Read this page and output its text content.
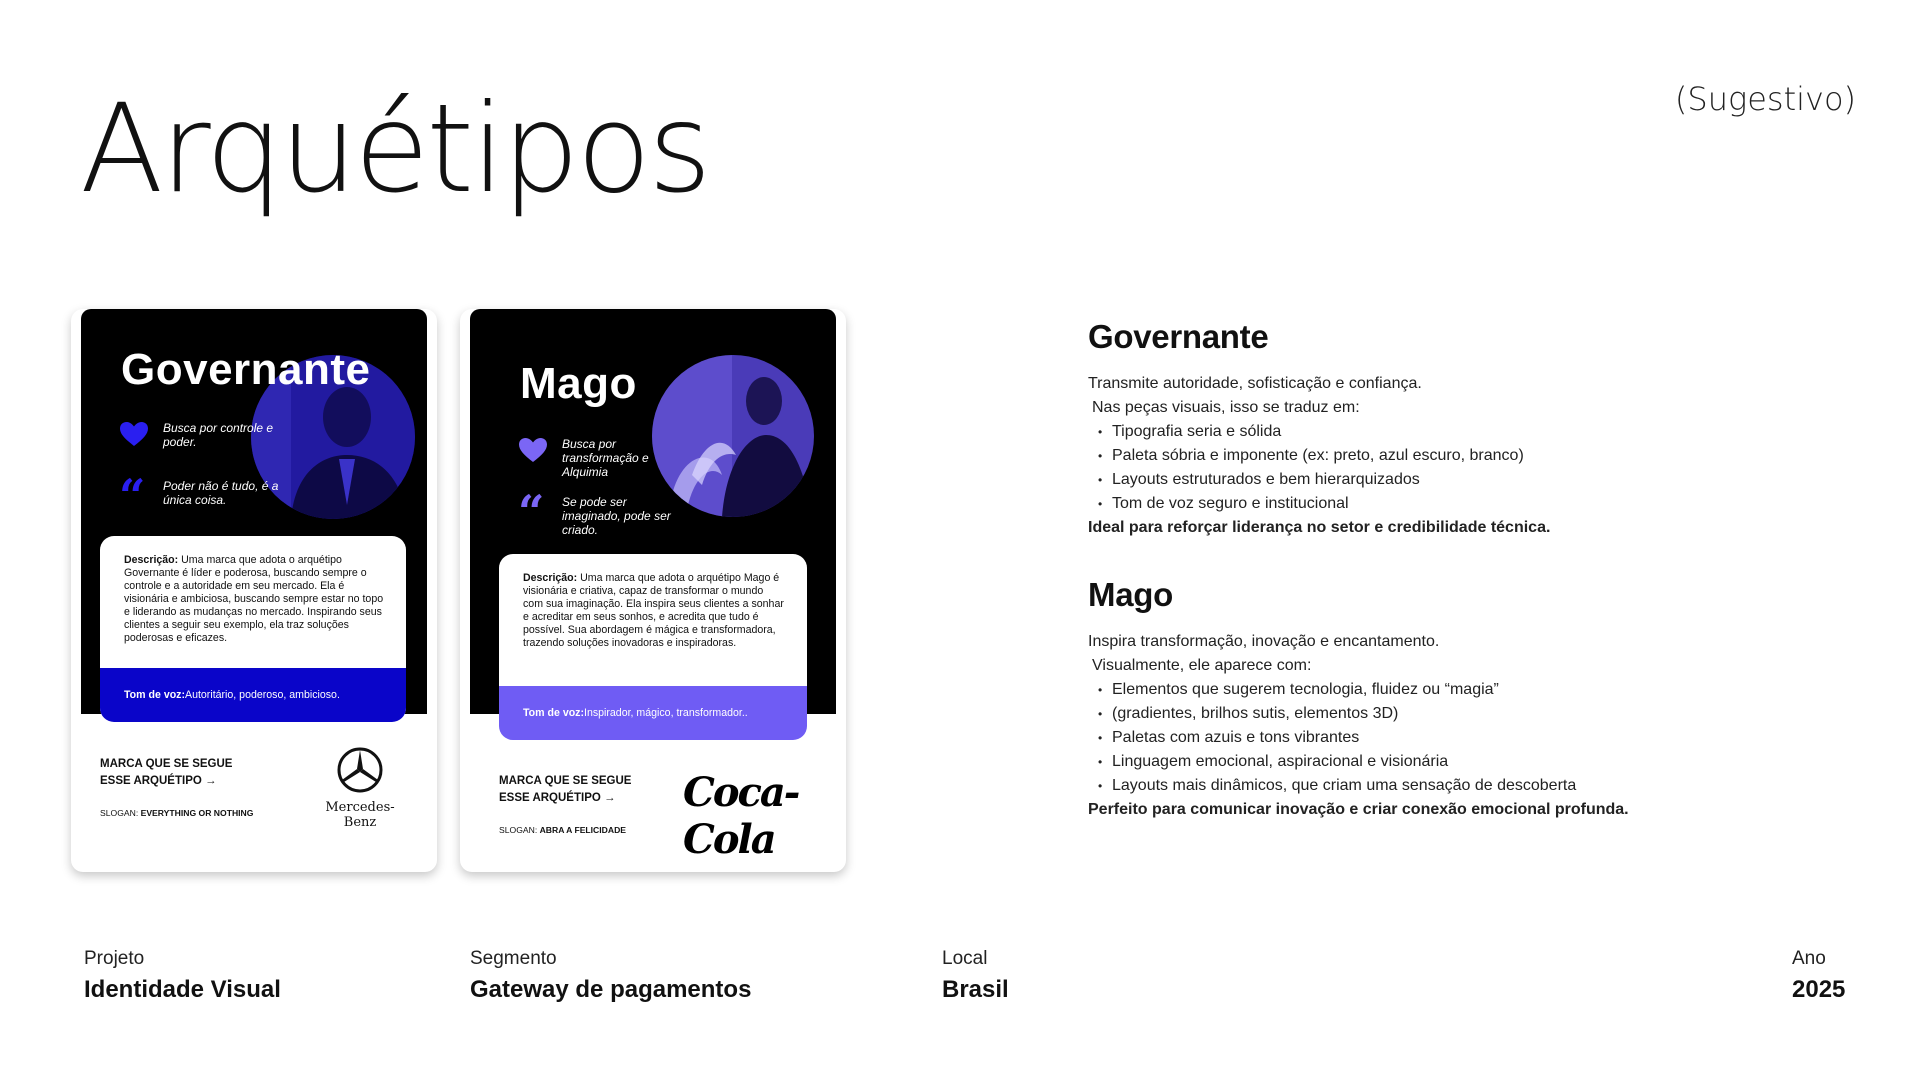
Arquétipos	(Sugestivo)
Governante
Busca por controle e poder.
“ Poder não é tudo, é a única coisa.
Descrição: Uma marca que adota o arquétipo Governante é líder e poderosa, buscando sempre o controle e a autoridade em seu mercado. Ela é visionária e ambiciosa, buscando sempre estar no topo e liderando as mudanças no mercado. Inspirando seus clientes a seguir seu exemplo, ela traz soluções poderosas e eficazes.
Tom de voz: Autoritário, poderoso, ambicioso.
MARCA QUE SE SEGUE
ESSE ARQUÉTIPO →
SLOGAN: EVERYTHING OR NOTHING	Mercedes-Benz
Mago
Busca por transformação e Alquimia
“ Se pode ser imaginado, pode ser criado.
Descrição: Uma marca que adota o arquétipo Mago é visionária e criativa, capaz de transformar o mundo com sua imaginação. Ela inspira seus clientes a sonhar e acreditar em seus sonhos, e acredita que tudo é possível. Sua abordagem é mágica e transformadora, trazendo soluções inovadoras e inspiradoras.
Tom de voz: Inspirador, mágico, transformador..
MARCA QUE SE SEGUE
ESSE ARQUÉTIPO →
SLOGAN: ABRA A FELICIDADE
Coca-Cola
Governante

Transmite autoridade, sofisticação e confiança.

Nas peças visuais, isso se traduz em:

• Tipografia seria e sólida
• Paleta sóbria e imponente (ex: preto, azul escuro, branco)
• Layouts estruturados e bem hierarquizados
• Tom de voz seguro e institucional

Ideal para reforçar liderança no setor e credibilidade técnica.

Mago

Inspira transformação, inovação e encantamento.

Visualmente, ele aparece com:

• Elementos que sugerem tecnologia, fluidez ou “magia”
• (gradientes, brilhos sutis, elementos 3D)
• Paletas com azuis e tons vibrantes
• Linguagem emocional, aspiracional e visionária
• Layouts mais dinâmicos, que criam uma sensação de descoberta

Perfeito para comunicar inovação e criar conexão emocional profunda.

Projeto
Identidade Visual
Segmento
Gateway de pagamentos
Local
Brasil
Ano
2025
